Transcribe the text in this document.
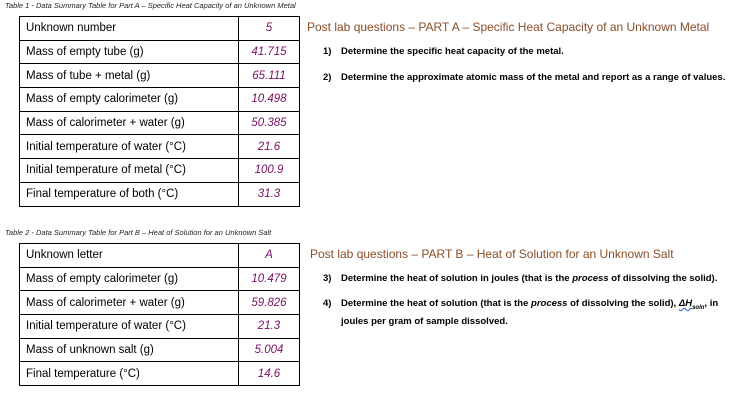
Table 1 - Data Summary Table for Part A – Specific Heat Capacity of an Unknown Metal
Unknown number	5
Mass of empty tube (g)	41.715
Mass of tube + metal (g)	65.111
Mass of empty calorimeter (g)	10.498
Mass of calorimeter + water (g)	50.385
Initial temperature of water (°C)	21.6
Initial temperature of metal (°C)	100.9
Final temperature of both (°C)	31.3
Table 2 - Data Summary Table for Part B – Heat of Solution for an Unknown Salt
Unknown letter	A
Mass of empty calorimeter (g)	10.479
Mass of calorimeter + water (g)	59.826
Initial temperature of water (°C)	21.3
Mass of unknown salt (g)	5.004
Final temperature (°C)	14.6
Post lab questions – PART A – Specific Heat Capacity of an Unknown Metal
1)	Determine the specific heat capacity of the metal.
2)	Determine the approximate atomic mass of the metal and report as a range of values.
Post lab questions – PART B – Heat of Solution for an Unknown Salt
3)	Determine the heat of solution in joules (that is the process of dissolving the solid).
4)	Determine the heat of solution (that is the process of dissolving the solid), $\Delta H_{soln}$, in joules per gram of sample dissolved.
